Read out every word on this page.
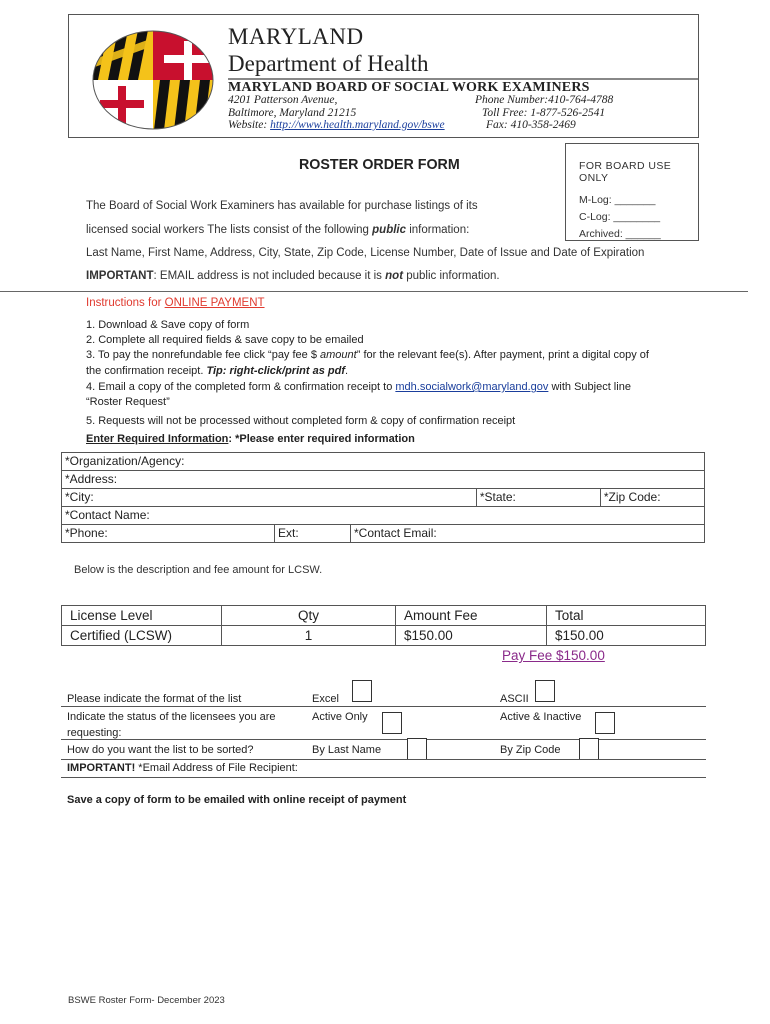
MARYLAND
Department of Health
MARYLAND BOARD OF SOCIAL WORK EXAMINERS
4201 Patterson Avenue,
Baltimore, Maryland 21215
Website: http://www.health.maryland.gov/bswe
Phone Number:410-764-4788
Toll Free: 1-877-526-2541
Fax: 410-358-2469
FOR BOARD USE ONLY
M-Log: _______
C-Log: ________
Archived: ______
ROSTER ORDER FORM
The Board of Social Work Examiners has available for purchase listings of its
licensed social workers The lists consist of the following public information:
Last Name, First Name, Address, City, State, Zip Code, License Number, Date of Issue and Date of Expiration
IMPORTANT: EMAIL address is not included because it is not public information.
Instructions for ONLINE PAYMENT
1. Download & Save copy of form
2. Complete all required fields & save copy to be emailed
3. To pay the nonrefundable fee click “pay fee $ amount” for the relevant fee(s). After payment, print a digital copy of
the confirmation receipt. Tip: right-click/print as pdf.
4. Email a copy of the completed form & confirmation receipt to mdh.socialwork@maryland.gov with Subject line
“Roster Request”
5. Requests will not be processed without completed form & copy of confirmation receipt
Enter Required Information: *Please enter required information
*Organization/Agency:				
*Address:				
*City:			*State:	*Zip Code:
*Contact Name:				
*Phone:	Ext:	*Contact Email:		
Below is the description and fee amount for LCSW.
License Level	Qty	Amount Fee	Total
Certified (LCSW)	1	$150.00	$150.00
Pay Fee $150.00
Please indicate the format of the list	Excel	ASCII
Indicate the status of the licensees you are
requesting:
Active Only	Active & Inactive
How do you want the list to be sorted?	By Last Name	By Zip Code
IMPORTANT! *Email Address of File Recipient:
Save a copy of form to be emailed with online receipt of payment
BSWE Roster Form- December 2023
